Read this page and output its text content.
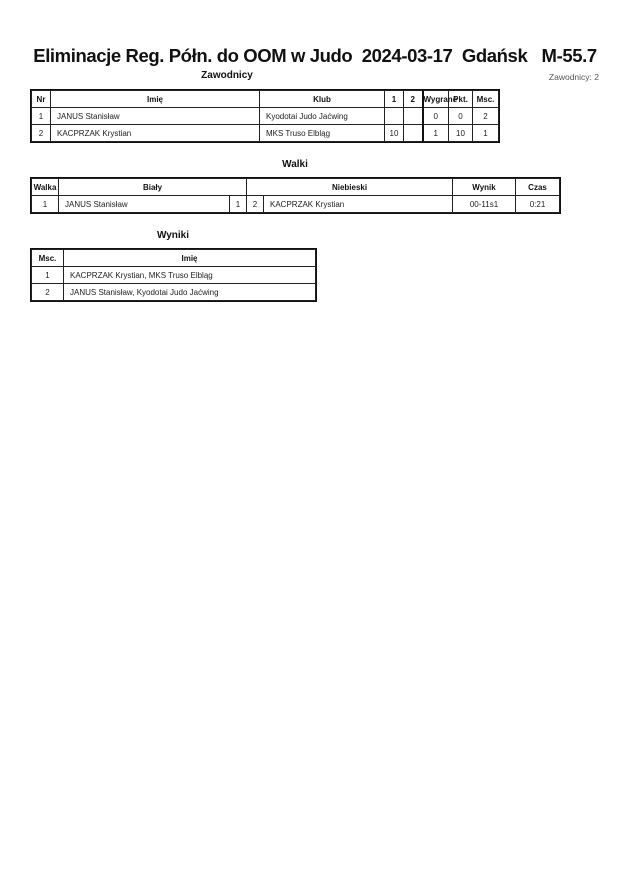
Eliminacje Reg. Półn. do OOM w Judo  2024-03-17  Gdańsk   M-55.7
Zawodnicy: 2
Zawodnicy
Nr	Imię	Klub	1	2	Wygrane	Pkt.	Msc.
1	JANUS Stanisław	Kyodotai Judo Jaćwing			0	0	2
2	KACPRZAK Krystian	MKS Truso Elbląg	10		1	10	1
Walki
Walka	Biały		Niebieski		Wynik	Czas
1	JANUS Stanisław	1	2	KACPRZAK Krystian	00-11s1	0:21
Wyniki
Msc.	Imię
1	KACPRZAK Krystian, MKS Truso Elbląg
2	JANUS Stanisław, Kyodotai Judo Jaćwing
